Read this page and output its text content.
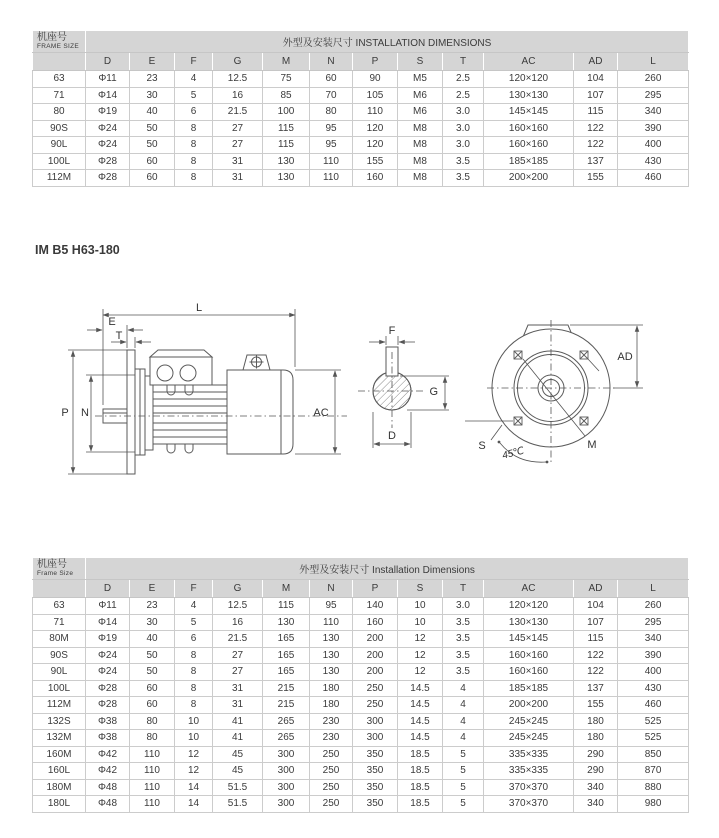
机座号
FRAME SIZE	外型及安装尺寸 INSTALLATION DIMENSIONS											
	D	E	F	G	M	N	P	S	T	AC	AD	L
63	Φ11	23	4	12.5	75	60	90	M5	2.5	120×120	104	260
71	Φ14	30	5	16	85	70	105	M6	2.5	130×130	107	295
80	Φ19	40	6	21.5	100	80	110	M6	3.0	145×145	115	340
90S	Φ24	50	8	27	115	95	120	M8	3.0	160×160	122	390
90L	Φ24	50	8	27	115	95	120	M8	3.0	160×160	122	400
100L	Φ28	60	8	31	130	110	155	M8	3.5	185×185	137	430
112M	Φ28	60	8	31	130	110	160	M8	3.5	200×200	155	460
IM B5 H63-180
L
E
T
P N	AC
F
G
D
AD
S	M
45℃
机座号
Frame Size	外型及安装尺寸 Installation Dimensions											
	D	E	F	G	M	N	P	S	T	AC	AD	L
63	Φ11	23	4	12.5	115	95	140	10	3.0	120×120	104	260
71	Φ14	30	5	16	130	110	160	10	3.5	130×130	107	295
80M	Φ19	40	6	21.5	165	130	200	12	3.5	145×145	115	340
90S	Φ24	50	8	27	165	130	200	12	3.5	160×160	122	390
90L	Φ24	50	8	27	165	130	200	12	3.5	160×160	122	400
100L	Φ28	60	8	31	215	180	250	14.5	4	185×185	137	430
112M	Φ28	60	8	31	215	180	250	14.5	4	200×200	155	460
132S	Φ38	80	10	41	265	230	300	14.5	4	245×245	180	525
132M	Φ38	80	10	41	265	230	300	14.5	4	245×245	180	525
160M	Φ42	110	12	45	300	250	350	18.5	5	335×335	290	850
160L	Φ42	110	12	45	300	250	350	18.5	5	335×335	290	870
180M	Φ48	110	14	51.5	300	250	350	18.5	5	370×370	340	880
180L	Φ48	110	14	51.5	300	250	350	18.5	5	370×370	340	980
